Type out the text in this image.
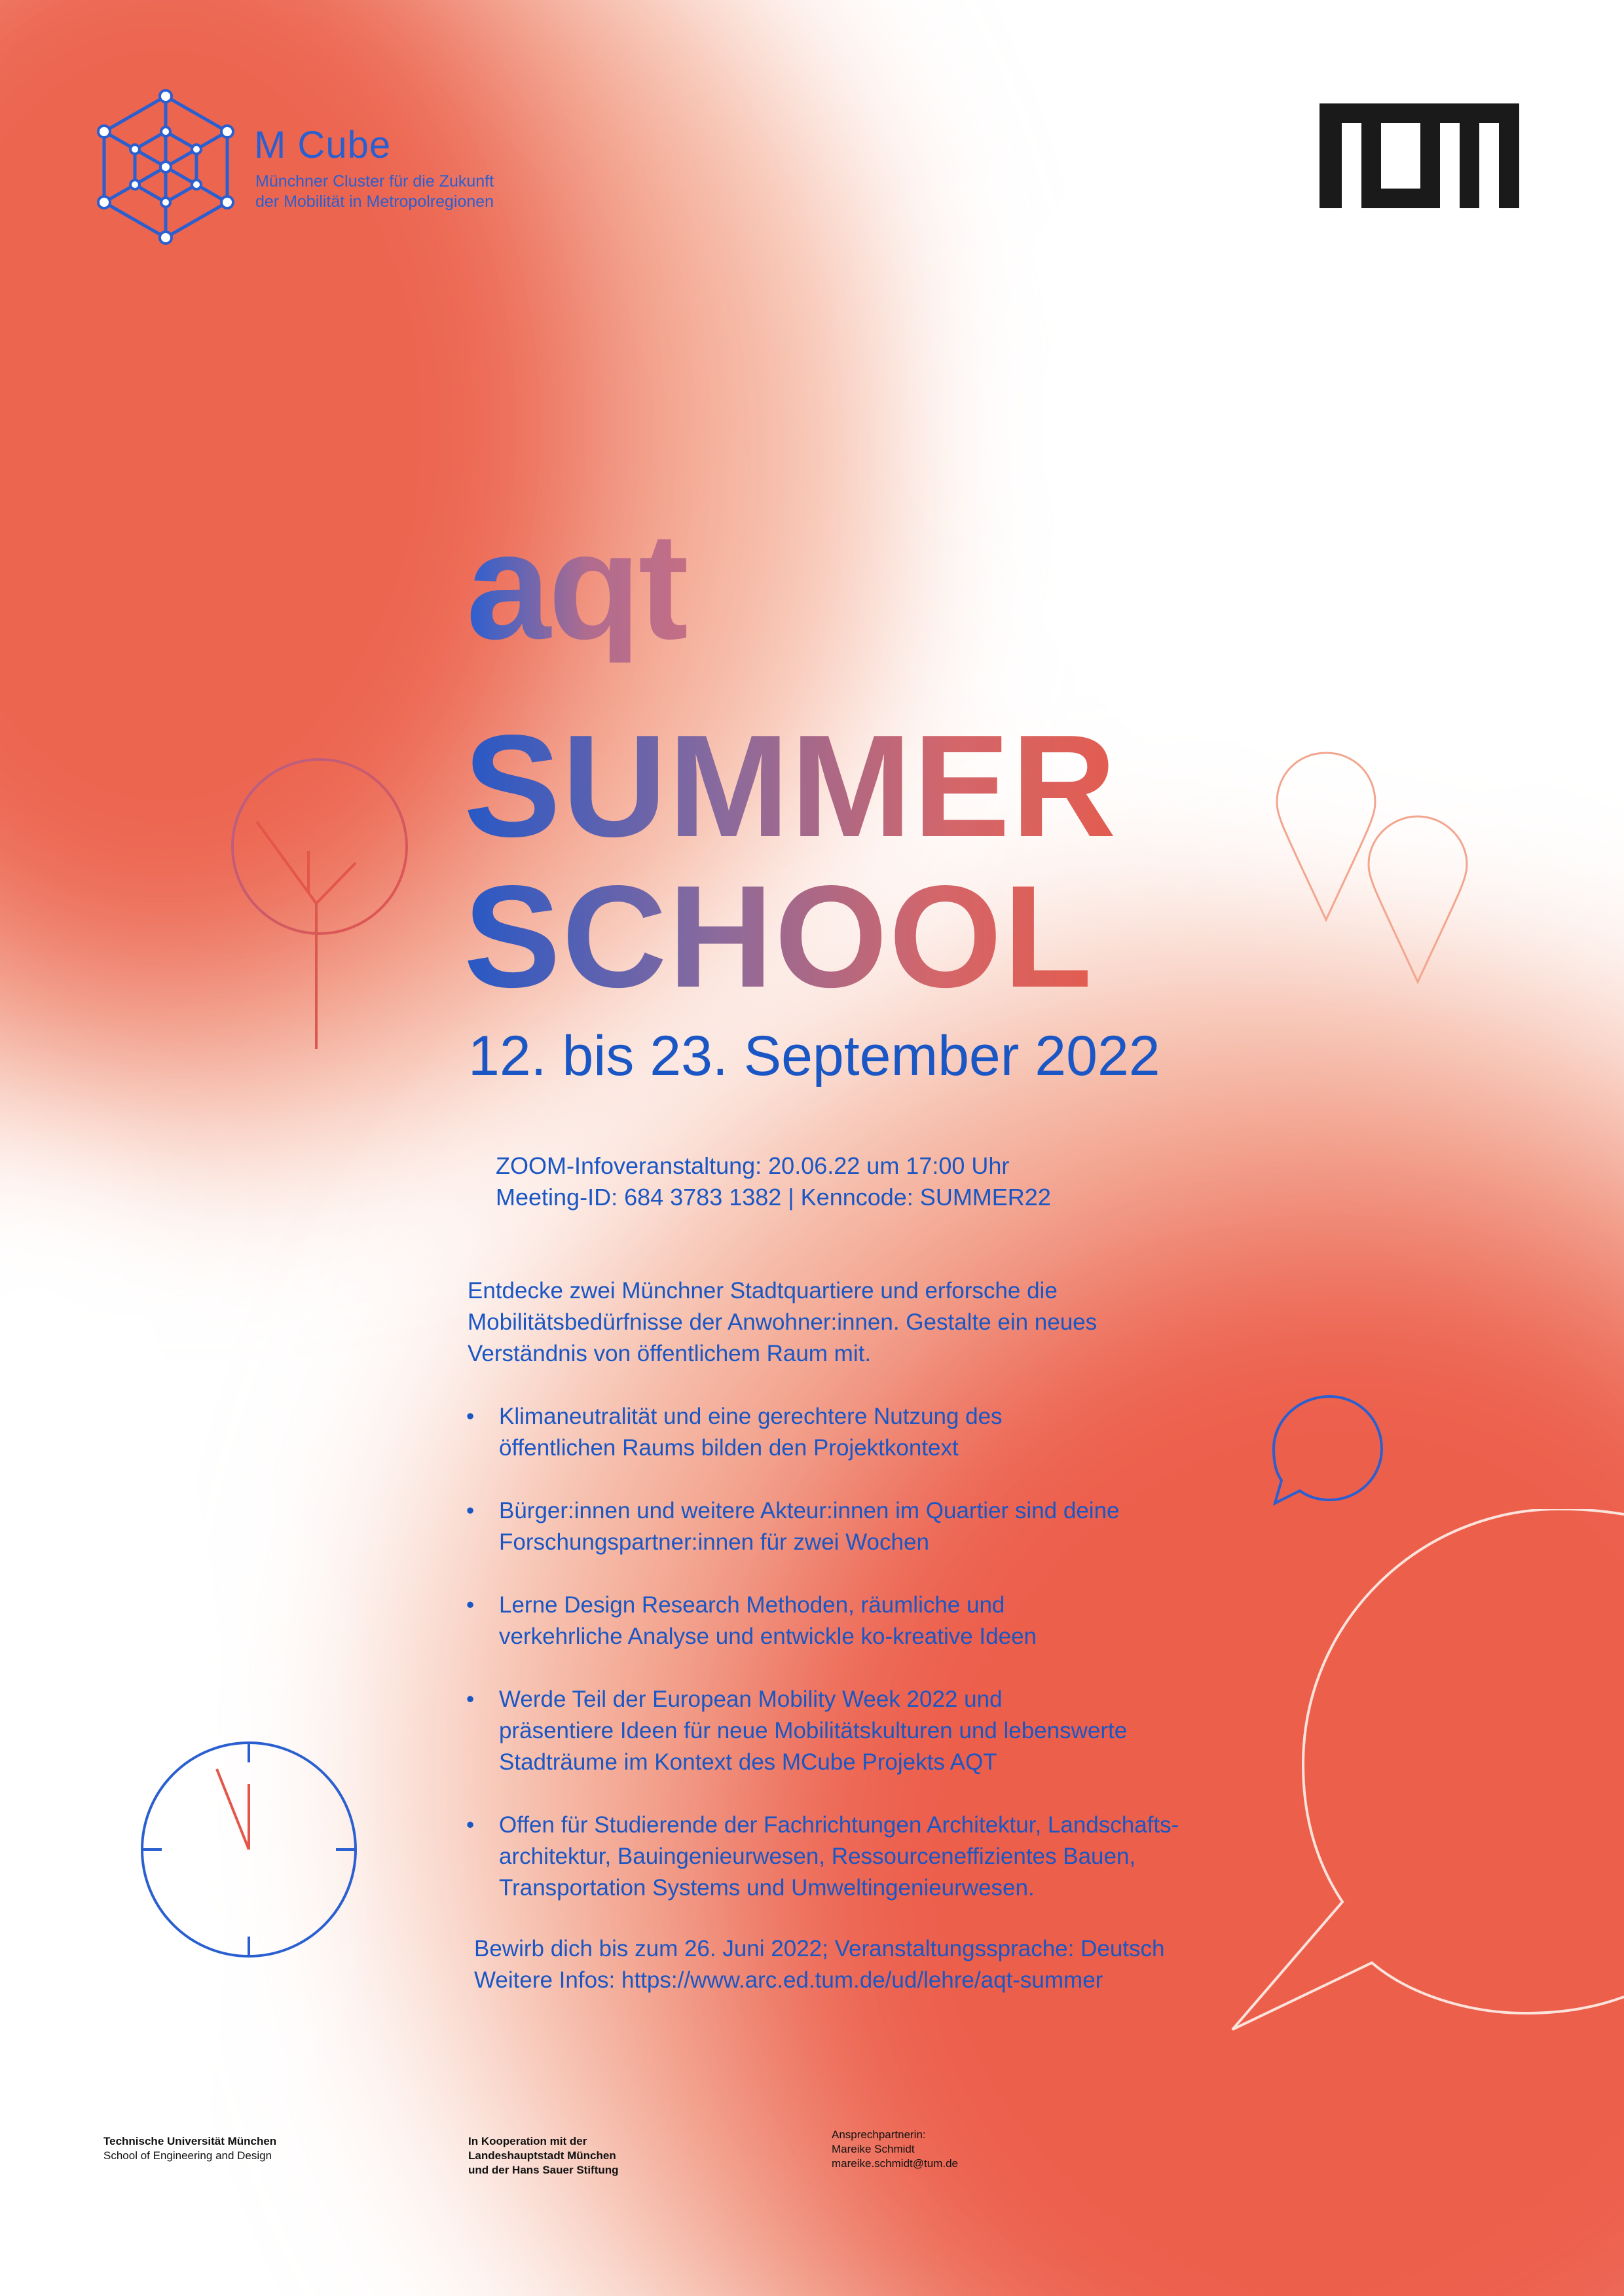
M Cube
Münchner Cluster für die Zukunft
der Mobilität in Metropolregionen
aqt
SUMMER
SCHOOL
12. bis 23. September 2022
ZOOM-Infoveranstaltung: 20.06.22 um 17:00 Uhr
Meeting-ID: 684 3783 1382 | Kenncode: SUMMER22
Entdecke zwei Münchner Stadtquartiere und erforsche die
Mobilitätsbedürfnisse der Anwohner:innen. Gestalte ein neues
Verständnis von öffentlichem Raum mit.
• Klimaneutralität und eine gerechtere Nutzung des
öffentlichen Raums bilden den Projektkontext
• Bürger:innen und weitere Akteur:innen im Quartier sind deine
Forschungspartner:innen für zwei Wochen
• Lerne Design Research Methoden, räumliche und
verkehrliche Analyse und entwickle ko-kreative Ideen
• Werde Teil der European Mobility Week 2022 und
präsentiere Ideen für neue Mobilitätskulturen und lebenswerte
Stadträume im Kontext des MCube Projekts AQT
• Offen für Studierende der Fachrichtungen Architektur, Landschafts-
architektur, Bauingenieurwesen, Ressourceneffizientes Bauen,
Transportation Systems und Umweltingenieurwesen.
Bewirb dich bis zum 26. Juni 2022; Veranstaltungssprache: Deutsch
Weitere Infos: https://www.arc.ed.tum.de/ud/lehre/aqt-summer
Technische Universität München
School of Engineering and Design
In Kooperation mit der
Landeshauptstadt München
und der Hans Sauer Stiftung
Ansprechpartnerin:
Mareike Schmidt
mareike.schmidt@tum.de
